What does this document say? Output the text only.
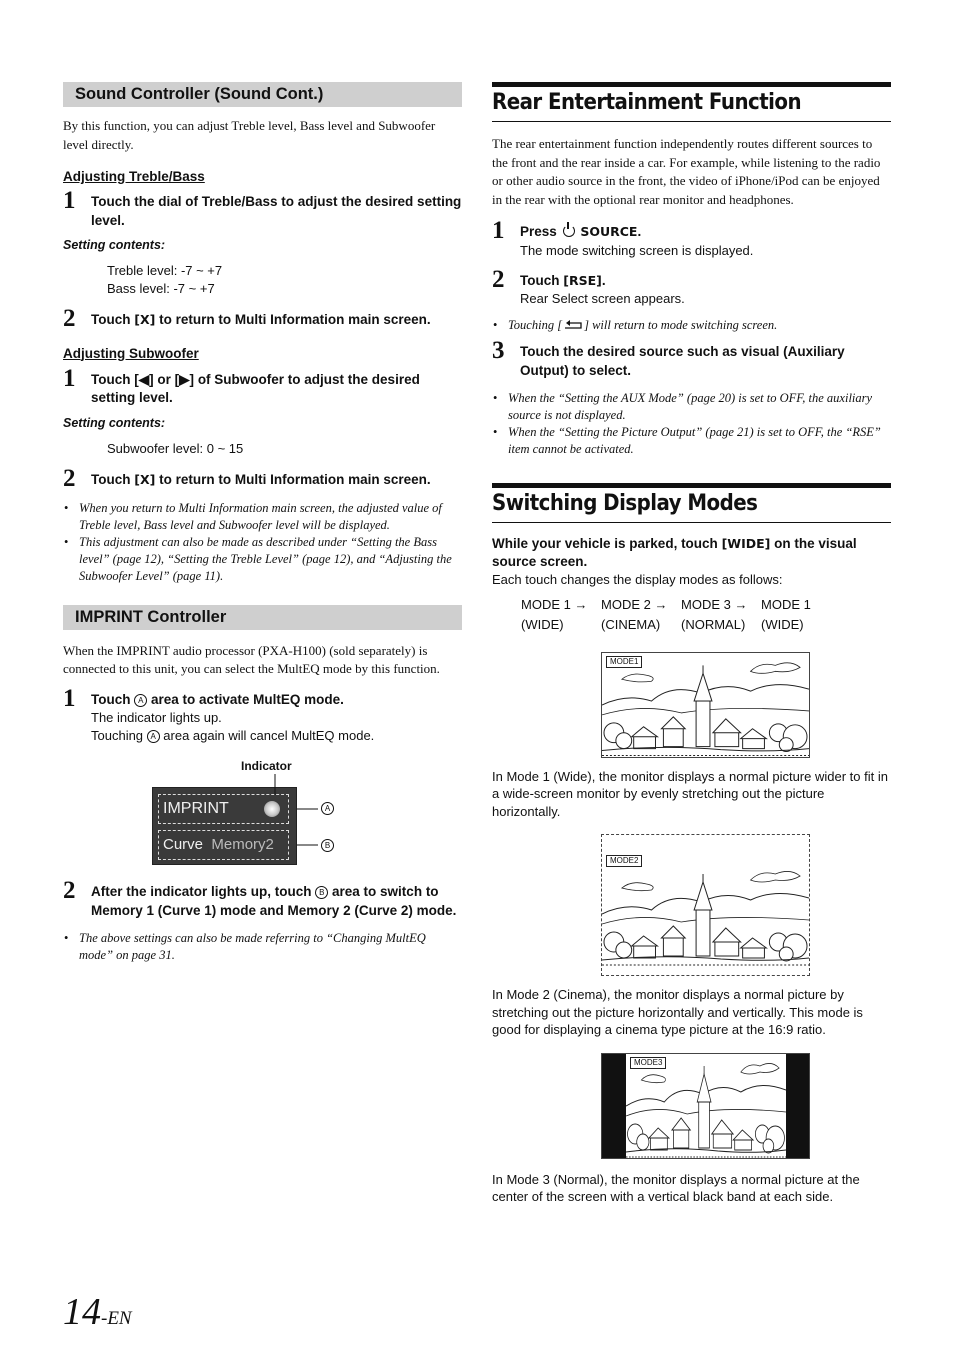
Sound Controller (Sound Cont.)

By this function, you can adjust Treble level, Bass level and Subwoofer level directly.

Adjusting Treble/Bass

1 Touch the dial of Treble/Bass to adjust the desired setting level.

Setting contents:

Treble level: -7 ~ +7

Bass level: -7 ~ +7

2 Touch [X] to return to Multi Information main screen.

Adjusting Subwoofer

1 Touch [◀] or [▶] of Subwoofer to adjust the desired setting level.

Setting contents:

Subwoofer level: 0 ~ 15

2 Touch [X] to return to Multi Information main screen.
• When you return to Multi Information main screen, the adjusted value of Treble level, Bass level and Subwoofer level will be displayed.
• This adjustment can also be made as described under “Setting the Bass level” (page 12), “Setting the Treble Level” (page 12), and “Adjusting the Subwoofer Level” (page 11).
IMPRINT Controller

When the IMPRINT audio processor (PXA-H100) (sold separately) is connected to this unit, you can select the MultEQ mode by this function.

1 Touch A area to activate MultEQ mode.
The indicator lights up.
Touching A area again will cancel MultEQ mode.
Indicator
IMPRINT
Curve Memory2
A
B
2 After the indicator lights up, touch B area to switch to Memory 1 (Curve 1) mode and Memory 2 (Curve 2) mode.
• The above settings can also be made referring to “Changing MultEQ mode” on page 31.
Rear Entertainment Function

The rear entertainment function independently routes different sources to the front and the rear inside a car. For example, while listening to the radio or other audio source in the front, the video of iPhone/iPod can be enjoyed in the rear with the optional rear monitor and headphones.

1 Press SOURCE.
The mode switching screen is displayed.
2 Touch [RSE].
Rear Select screen appears.
• Touching [ ] will return to mode switching screen.
3 Touch the desired source such as visual (Auxiliary Output) to select.
• When the “Setting the AUX Mode” (page 20) is set to OFF, the auxiliary source is not displayed.
• When the “Setting the Picture Output” (page 21) is set to OFF, the “RSE” item cannot be activated.
Switching Display Modes

While your vehicle is parked, touch [WIDE] on the visual source screen.

Each touch changes the display modes as follows:

MODE 1 →	MODE 2 →	MODE 3 →	MODE 1
(WIDE)	(CINEMA)	(NORMAL)	(WIDE)
MODE1

In Mode 1 (Wide), the monitor displays a normal picture wider to fit in a wide-screen monitor by evenly stretching out the picture horizontally.

MODE2

In Mode 2 (Cinema), the monitor displays a normal picture by stretching out the picture horizontally and vertically. This mode is good for displaying a cinema type picture at the 16:9 ratio.

MODE3

In Mode 3 (Normal), the monitor displays a normal picture at the center of the screen with a vertical black band at each side.

14-EN
